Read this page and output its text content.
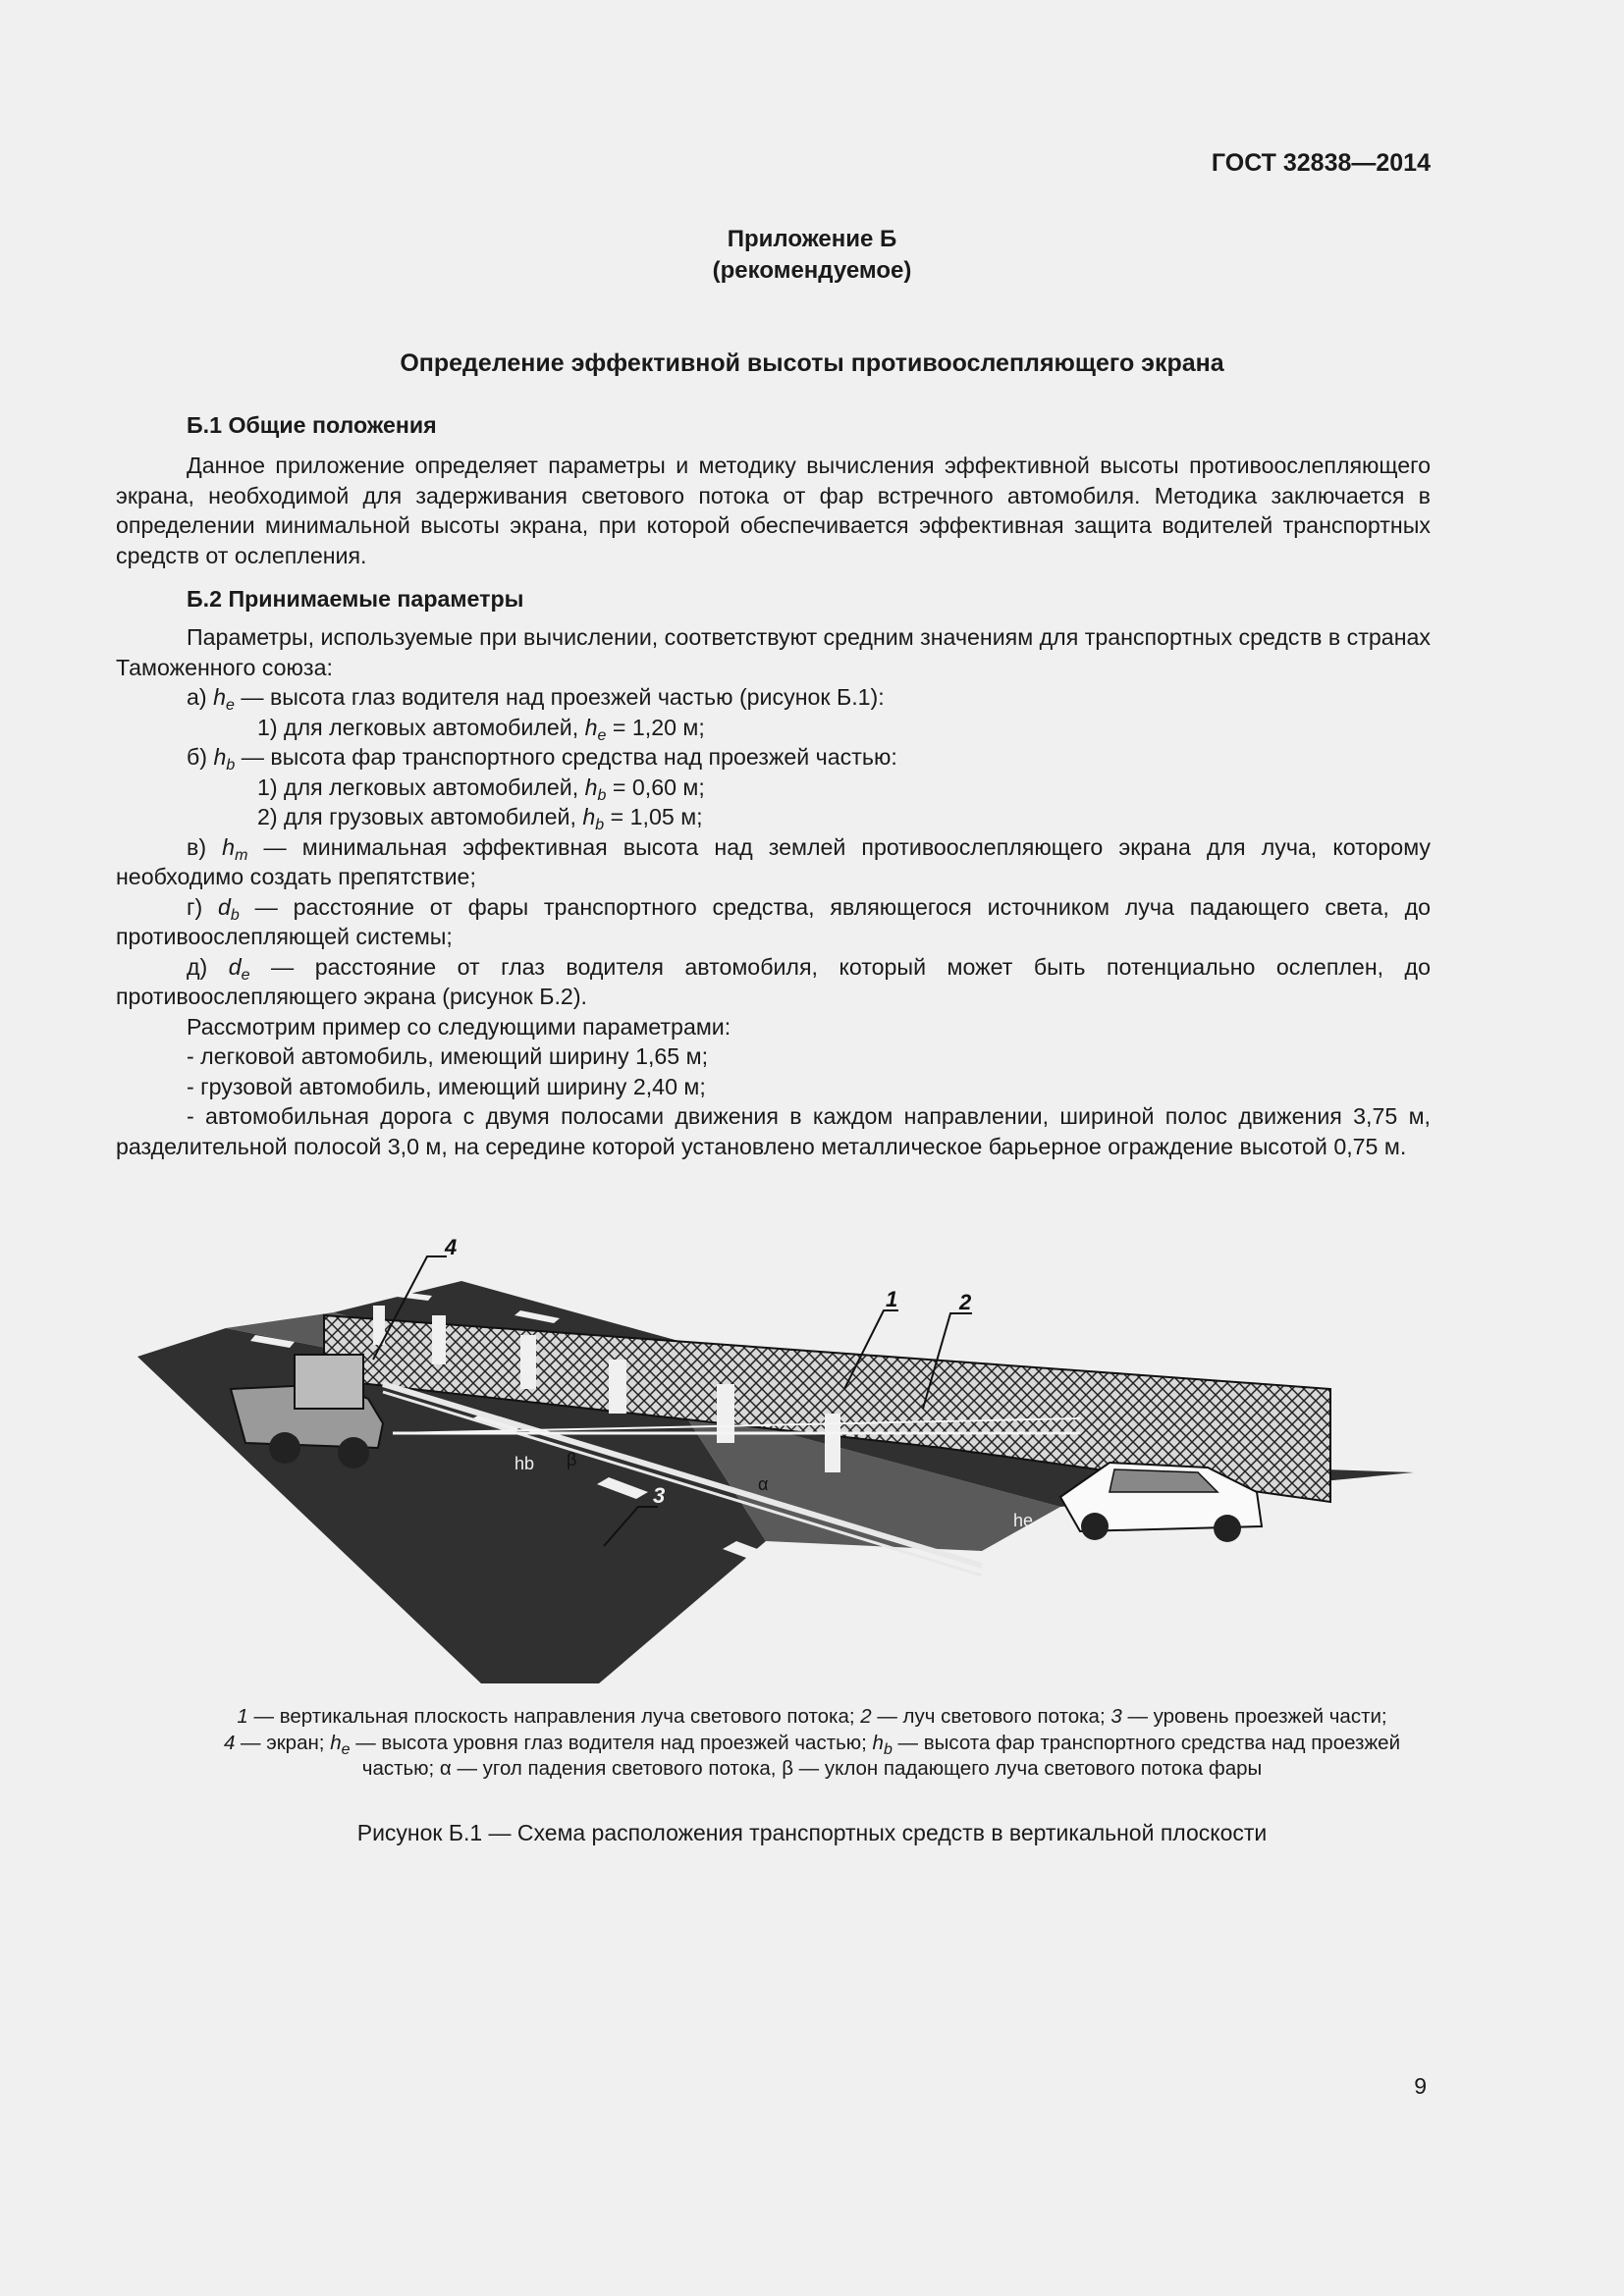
ГОСТ 32838—2014
Приложение Б
(рекомендуемое)
Определение эффективной высоты противоослепляющего экрана

Б.1 Общие положения

Данное приложение определяет параметры и методику вычисления эффективной высоты противоослепляющего экрана, необходимой для задерживания светового потока от фар встречного автомобиля. Методика заключается в определении минимальной высоты экрана, при которой обеспечивается эффективная защита водителей транспортных средств от ослепления.

Б.2 Принимаемые параметры

Параметры, используемые при вычислении, соответствуют средним значениям для транспортных средств в странах Таможенного союза:

а) $h_e$ — высота глаз водителя над проезжей частью (рисунок Б.1):

1) для легковых автомобилей, $h_e = 1,20$ м;

б) $h_b$ — высота фар транспортного средства над проезжей частью:

1) для легковых автомобилей, $h_b = 0,60$ м;

2) для грузовых автомобилей, $h_b = 1,05$ м;

в) $h_m$ — минимальная эффективная высота над землей противоослепляющего экрана для луча, которому необходимо создать препятствие;

г) $d_b$ — расстояние от фары транспортного средства, являющегося источником луча падающего света, до противоослепляющей системы;

д) $d_e$ — расстояние от глаз водителя автомобиля, который может быть потенциально ослеплен, до противоослепляющего экрана (рисунок Б.2).

Рассмотрим пример со следующими параметрами:

- легковой автомобиль, имеющий ширину 1,65 м;

- грузовой автомобиль, имеющий ширину 2,40 м;

- автомобильная дорога с двумя полосами движения в каждом направлении, шириной полос движения 3,75 м, разделительной полосой 3,0 м, на середине которой установлено металлическое барьерное ограждение высотой 0,75 м.

4
1	2
3
hb
he
α
β
1 — вертикальная плоскость направления луча светового потока; 2 — луч светового потока; 3 — уровень проезжей части;
4 — экран; $h_e$ — высота уровня глаз водителя над проезжей частью; $h_b$ — высота фар транспортного средства над проезжей
частью; α — угол падения светового потока, β — уклон падающего луча светового потока фары
Рисунок Б.1 — Схема расположения транспортных средств в вертикальной плоскости
9
